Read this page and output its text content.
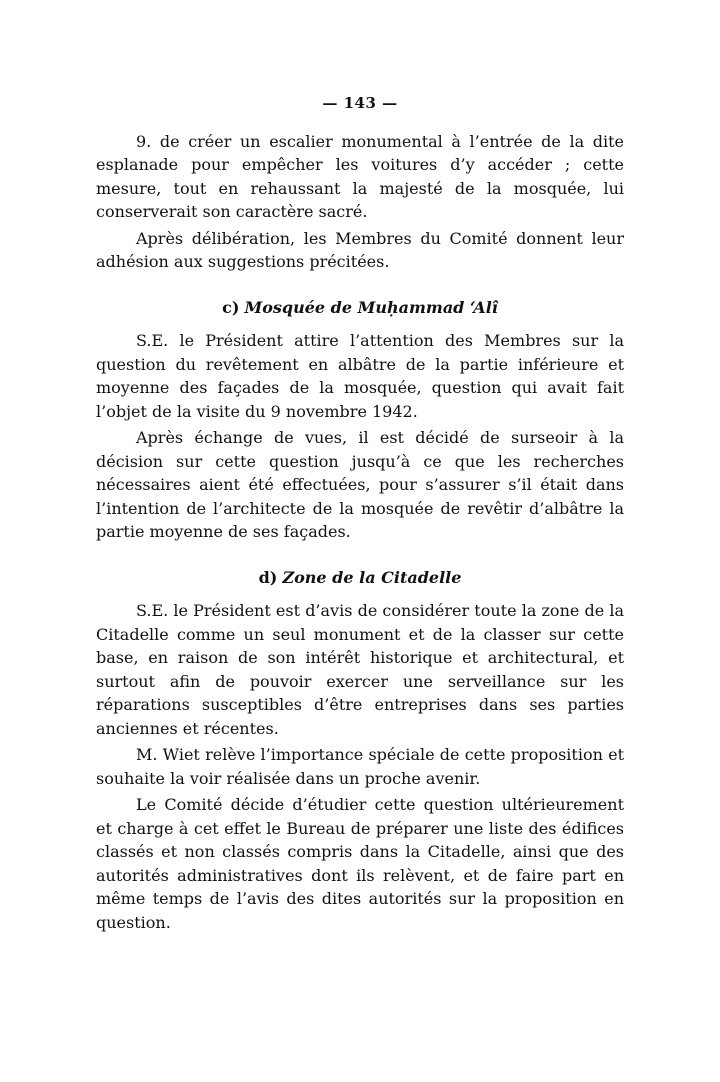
— 143 —

9. de créer un escalier monumental à l’entrée de la dite esplanade pour empêcher les voitures d’y accéder ; cette mesure, tout en rehaussant la majesté de la mosquée, lui conserverait son caractère sacré.

Après délibération, les Membres du Comité donnent leur adhésion aux suggestions précitées.

c) Mosquée de Muḥammad ‘Alî

S.E. le Président attire l’attention des Membres sur la question du revêtement en albâtre de la partie inférieure et moyenne des façades de la mosquée, question qui avait fait l’objet de la visite du 9 novembre 1942.

Après échange de vues, il est décidé de surseoir à la décision sur cette question jusqu’à ce que les recherches nécessaires aient été effectuées, pour s’assurer s’il était dans l’intention de l’architecte de la mosquée de revêtir d’albâtre la partie moyenne de ses façades.

d) Zone de la Citadelle

S.E. le Président est d’avis de considérer toute la zone de la Citadelle comme un seul monument et de la classer sur cette base, en raison de son intérêt historique et architectural, et surtout afin de pouvoir exercer une serveillance sur les réparations susceptibles d’être entreprises dans ses parties anciennes et récentes.

M. Wiet relève l’importance spéciale de cette proposition et souhaite la voir réalisée dans un proche avenir.

Le Comité décide d’étudier cette question ultérieurement et charge à cet effet le Bureau de préparer une liste des édifices classés et non classés compris dans la Citadelle, ainsi que des autorités administratives dont ils relèvent, et de faire part en même temps de l’avis des dites autorités sur la proposition en question.
